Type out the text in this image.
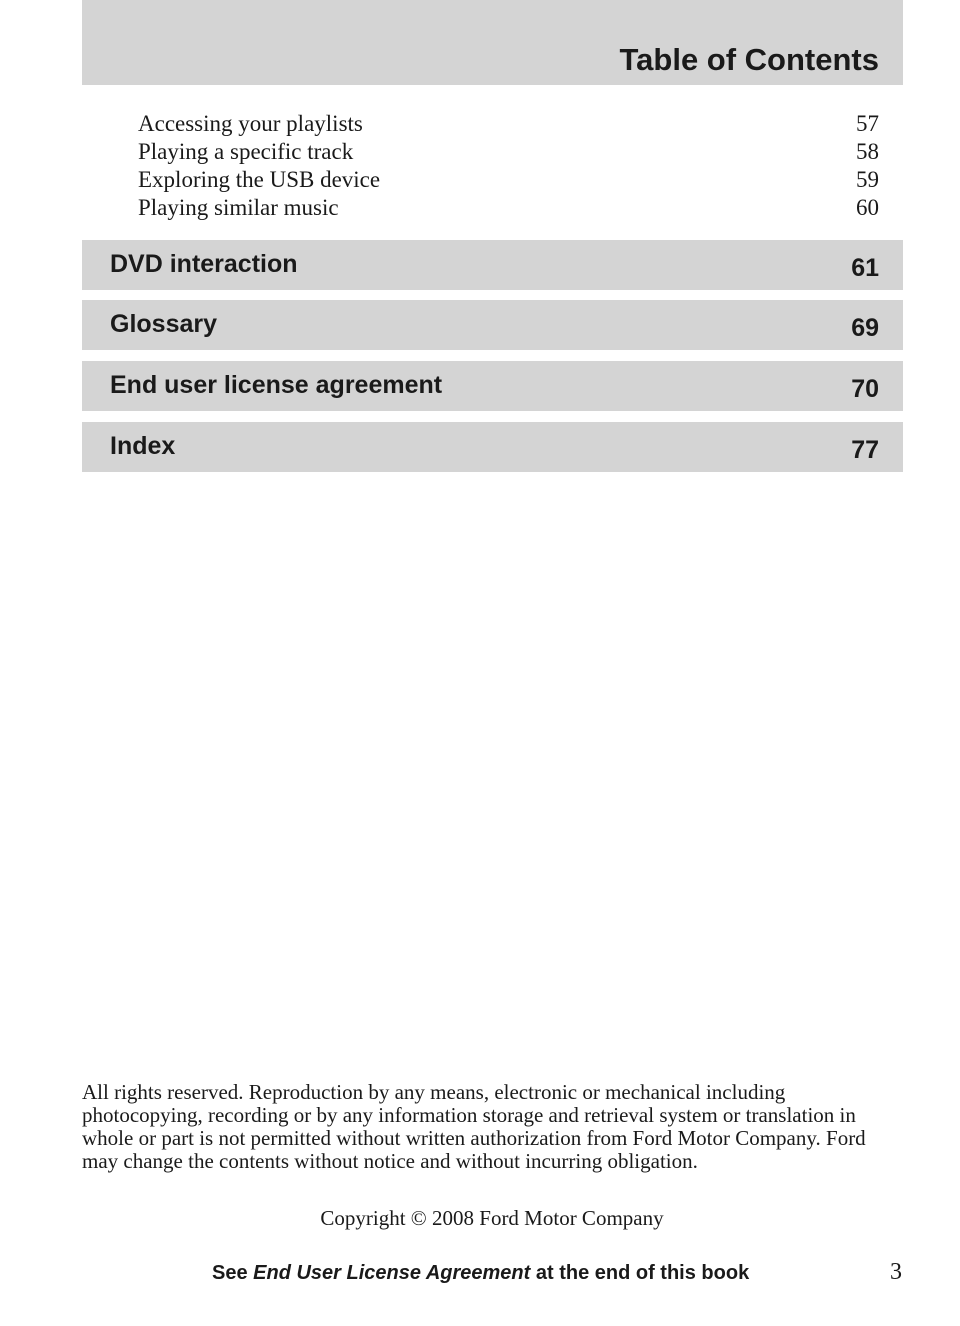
Table of Contents
Accessing your playlists	57
Playing a specific track	58
Exploring the USB device	59
Playing similar music	60
DVD interaction	61
Glossary	69
End user license agreement	70
Index	77

All rights reserved. Reproduction by any means, electronic or mechanical including photocopying, recording or by any information storage and retrieval system or translation in whole or part is not permitted without written authorization from Ford Motor Company. Ford may change the contents without notice and without incurring obligation.

Copyright © 2008 Ford Motor Company
See End User License Agreement at the end of this book	3
